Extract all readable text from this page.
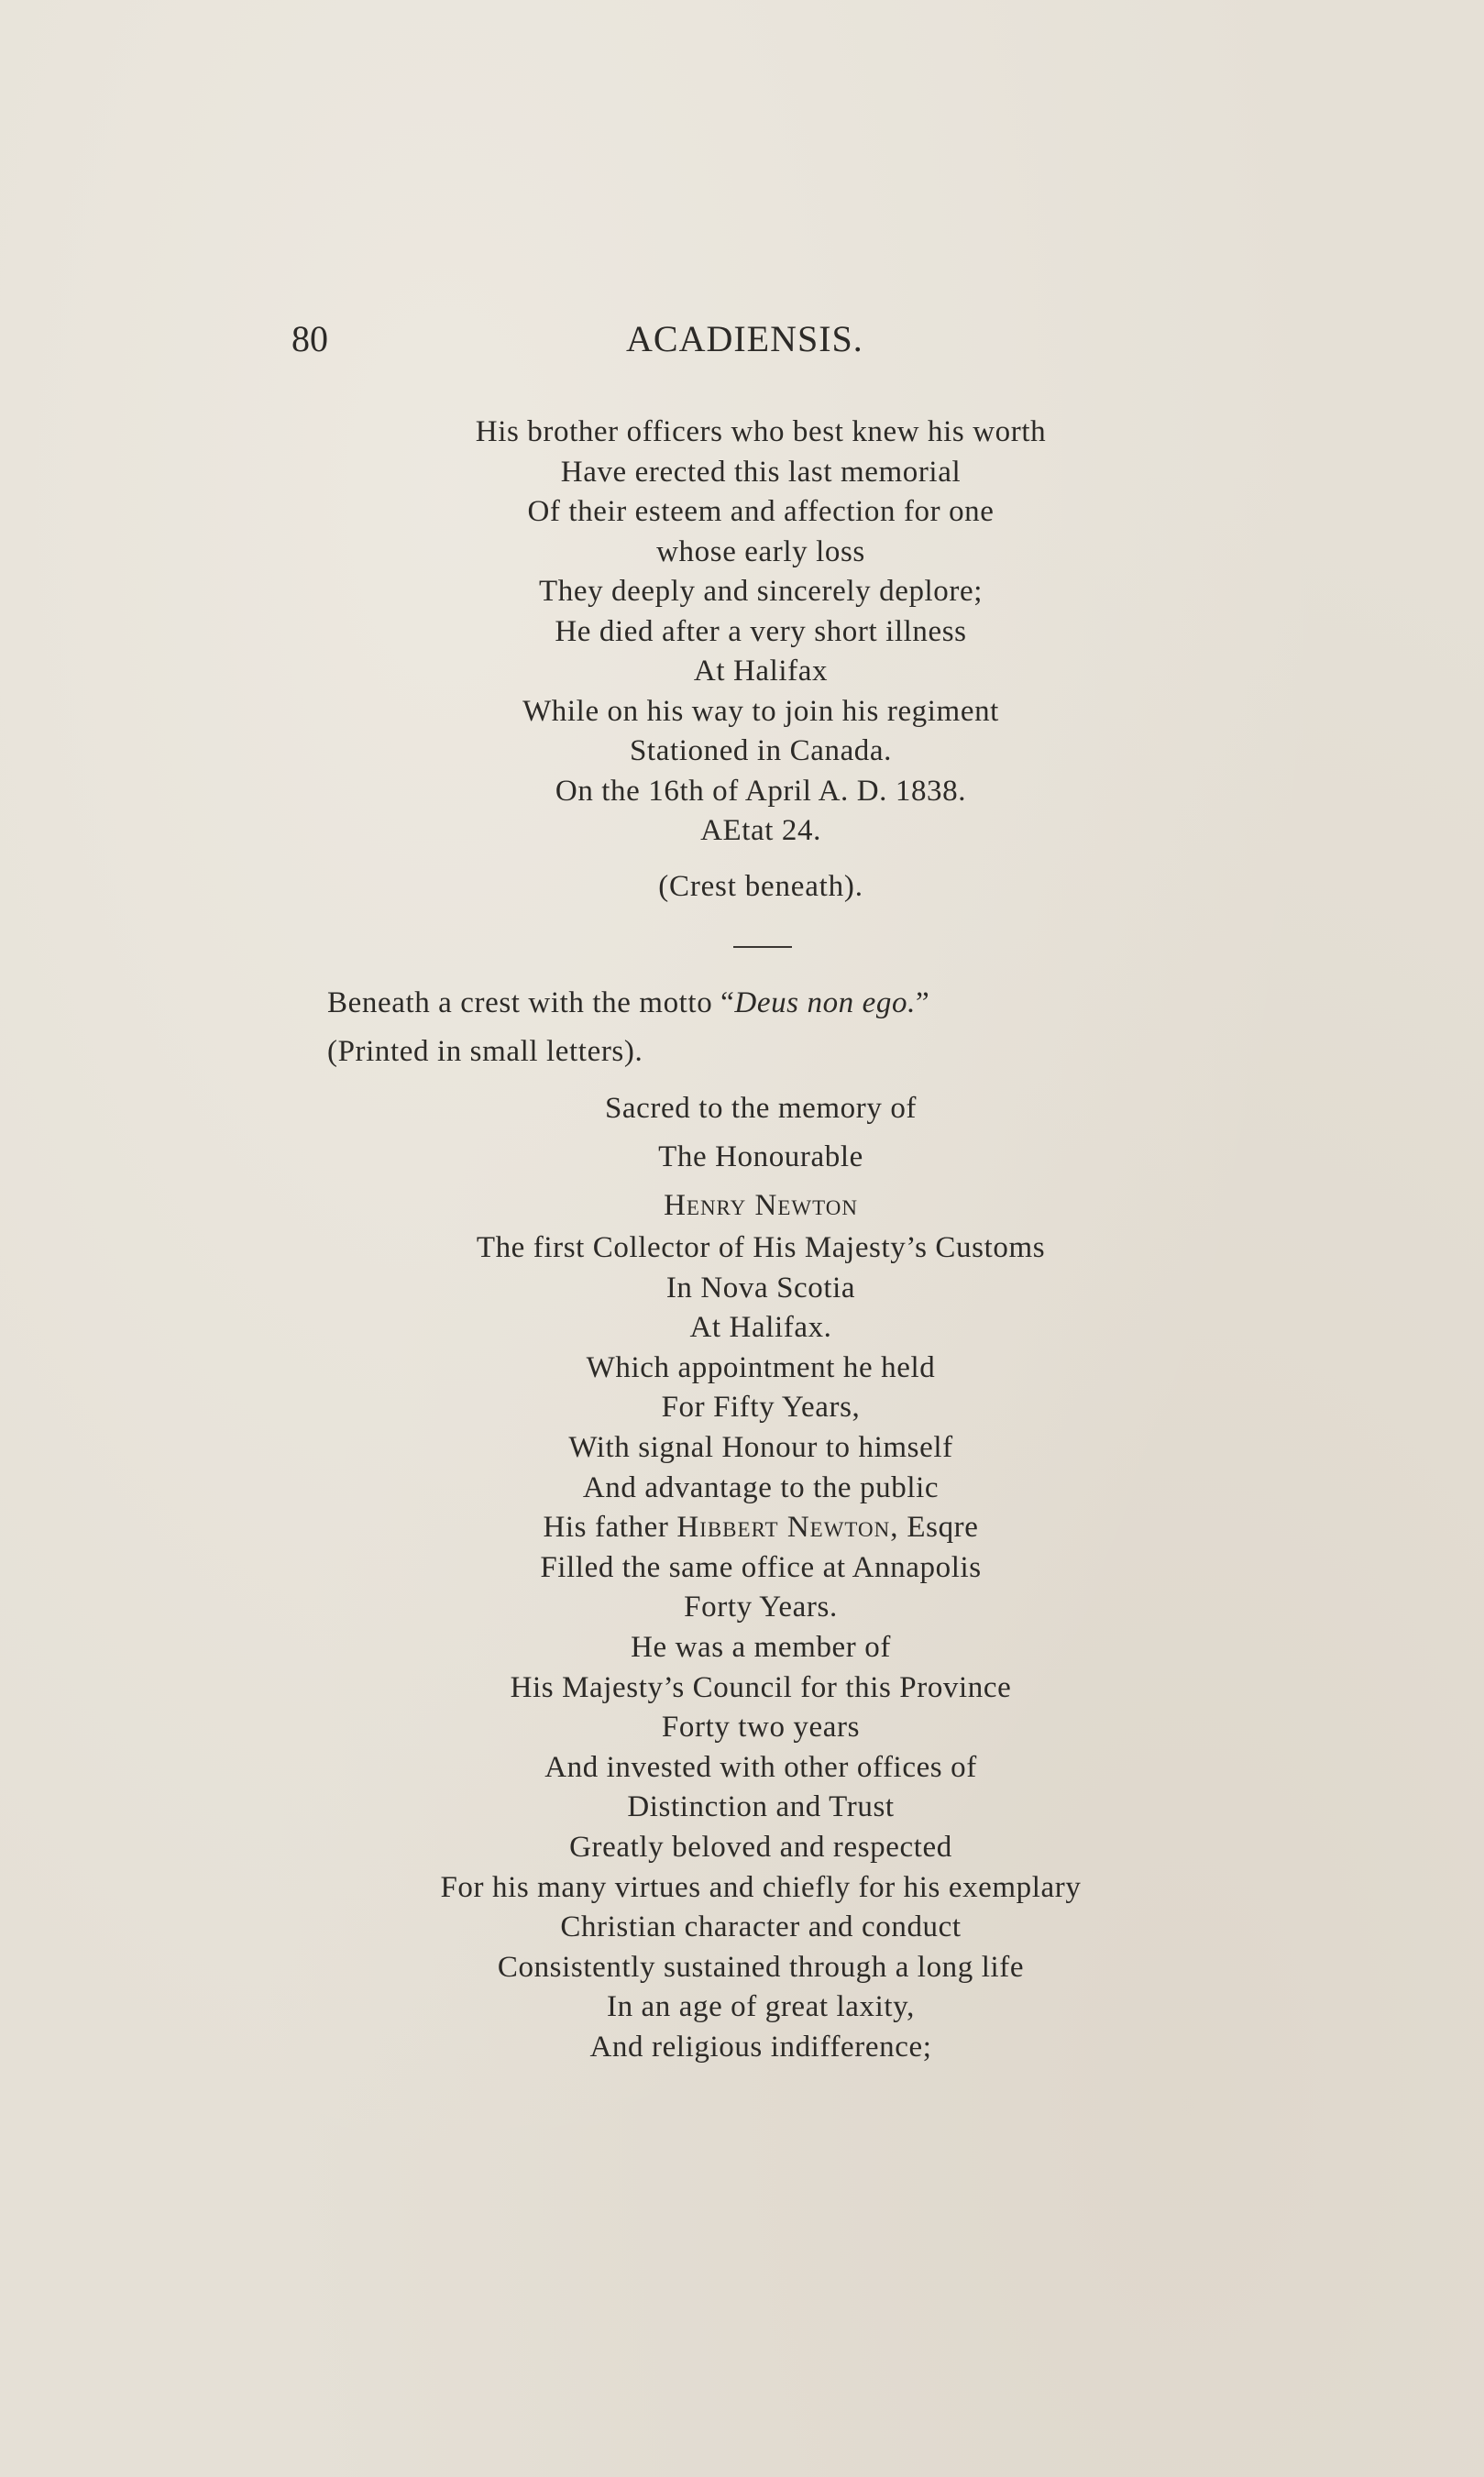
80	ACADIENSIS.
His brother officers who best knew his worth
Have erected this last memorial
Of their esteem and affection for one
whose early loss
They deeply and sincerely deplore;
He died after a very short illness
At Halifax
While on his way to join his regiment
Stationed in Canada.
On the 16th of April A. D. 1838.
AEtat 24.
(Crest beneath).
Beneath a crest with the motto “Deus non ego.”
(Printed in small letters).
Sacred to the memory of
The Honourable
Henry Newton
The first Collector of His Majesty’s Customs
In Nova Scotia
At Halifax.
Which appointment he held
For Fifty Years,
With signal Honour to himself
And advantage to the public
His father Hibbert Newton, Esqre
Filled the same office at Annapolis
Forty Years.
He was a member of
His Majesty’s Council for this Province
Forty two years
And invested with other offices of
Distinction and Trust
Greatly beloved and respected
For his many virtues and chiefly for his exemplary
Christian character and conduct
Consistently sustained through a long life
In an age of great laxity,
And religious indifference;
